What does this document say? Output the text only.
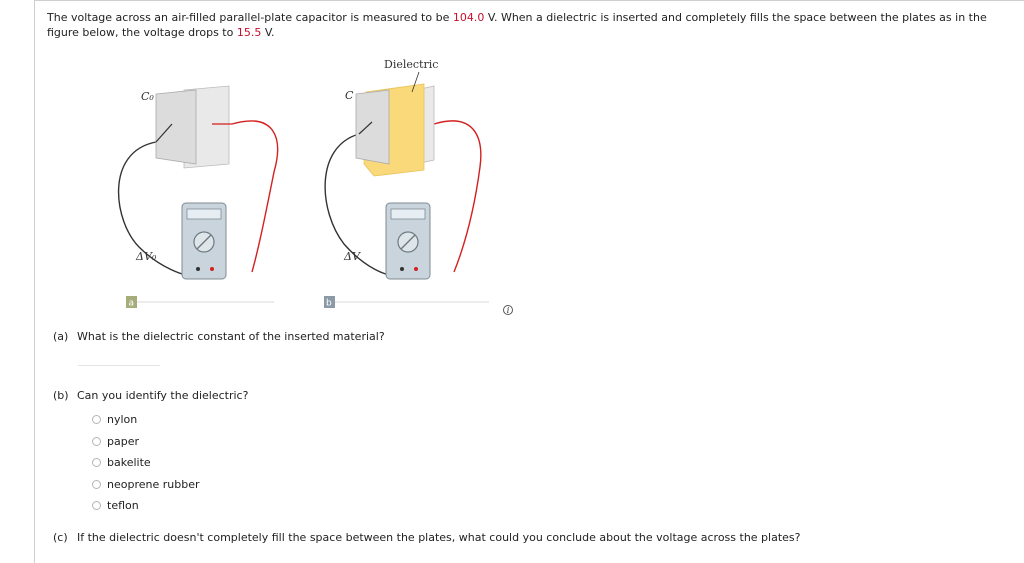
The voltage across an air-filled parallel-plate capacitor is measured to be 104.0 V. When a dielectric is inserted and completely fills the space between the plates as in the figure below, the voltage drops to 15.5 V.
C₀
ΔV₀
Dielectric
C
ΔV
a	b
i
(a) What is the dielectric constant of the inserted material?
(b) Can you identify the dielectric?
nylon
paper
bakelite
neoprene rubber
teflon
(c) If the dielectric doesn't completely fill the space between the plates, what could you conclude about the voltage across the plates?
